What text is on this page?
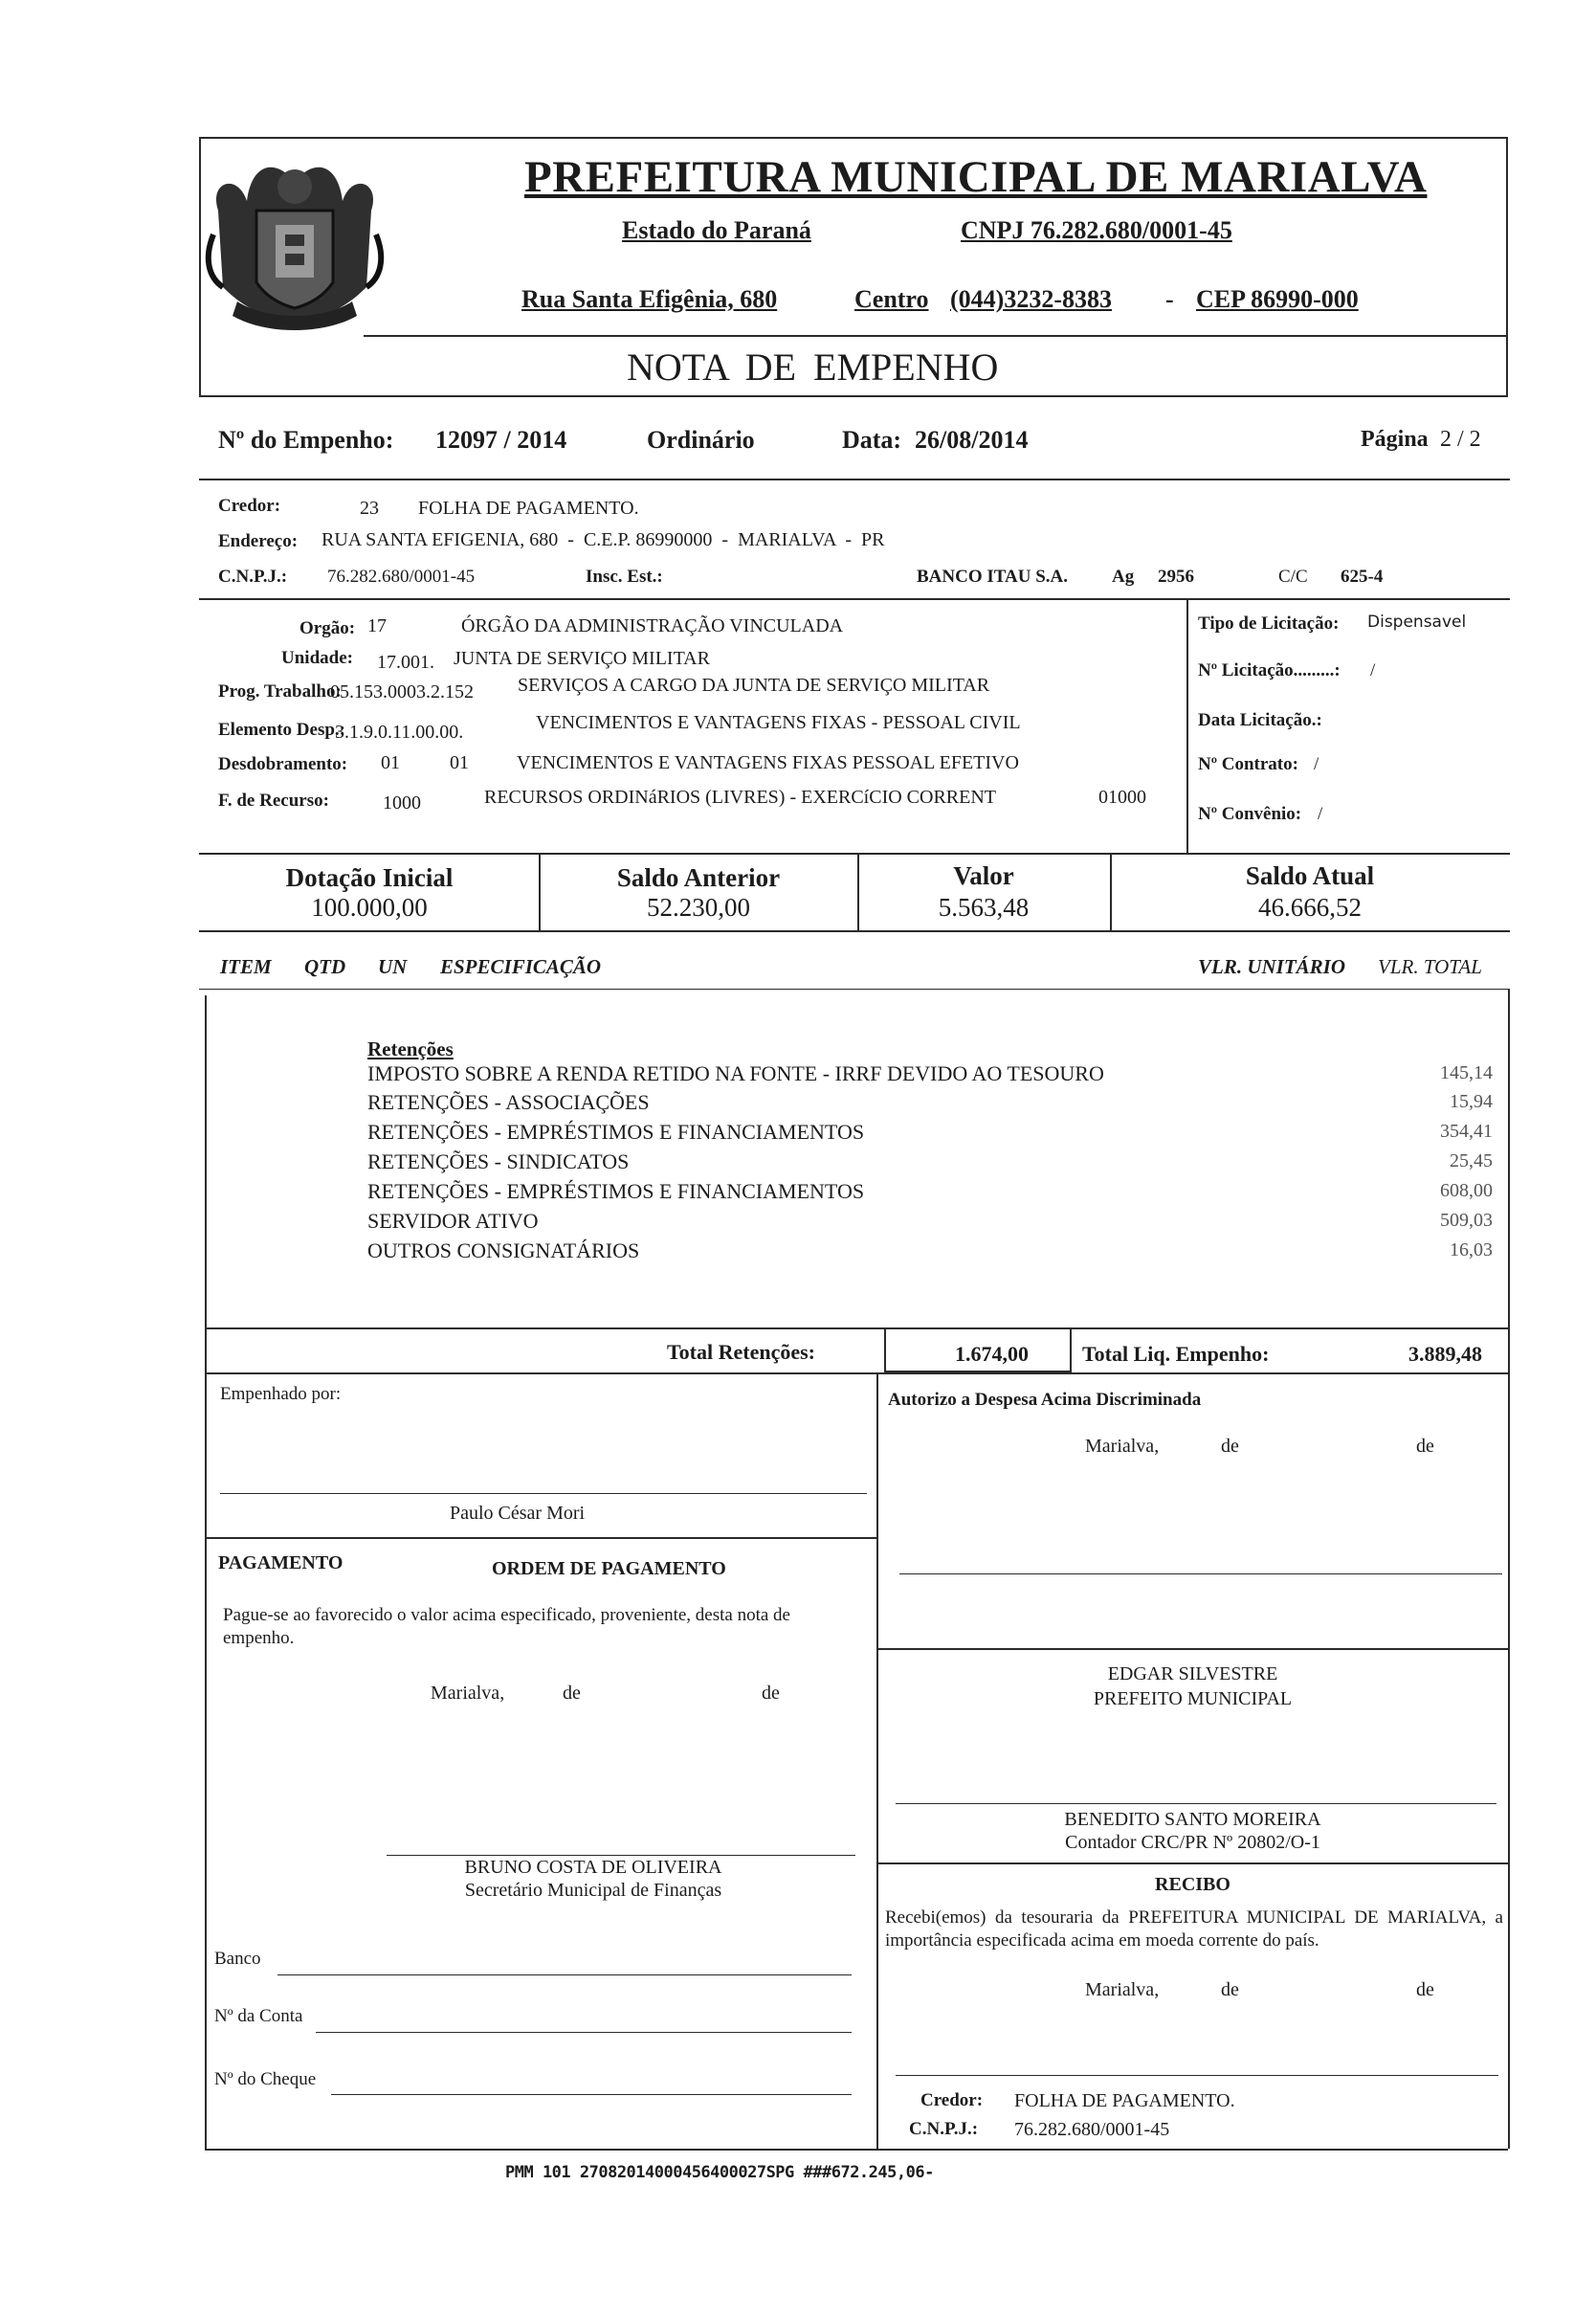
PREFEITURA MUNICIPAL DE MARIALVA
Estado do Paraná	CNPJ 76.282.680/0001-45
Rua Santa Efigênia, 680	Centro (044)3232-8383 - CEP 86990-000
NOTA DE EMPENHO
Nº do Empenho: 12097 / 2014	Ordinário	Data: 26/08/2014	Página 2 / 2
Credor:	23 FOLHA DE PAGAMENTO.
Endereço: RUA SANTA EFIGENIA, 680  -  C.E.P. 86990000  -  MARIALVA  -  PR
C.N.P.J.: 76.282.680/0001-45	Insc. Est.:	BANCO ITAU S.A. Ag 2956	C/C 625-4
Orgão: 17	ÓRGÃO DA ADMINISTRAÇÃO VINCULADA
Unidade: 17.001. JUNTA DE SERVIÇO MILITAR
Prog. Trabalho:
05.153.0003.2.152 SERVIÇOS A CARGO DA JUNTA DE SERVIÇO MILITAR
Elemento Desp.:
3.1.9.0.11.00.00.	VENCIMENTOS E VANTAGENS FIXAS - PESSOAL CIVIL
Desdobramento: 01	01	VENCIMENTOS E VANTAGENS FIXAS PESSOAL EFETIVO
F. de Recurso:	1000	RECURSOS ORDINáRIOS (LIVRES) - EXERCíCIO CORRENT	01000
Tipo de Licitação: Dispensavel
Nº Licitação.........: /
Data Licitação.:
Nº Contrato: /
Nº Convênio: /
Dotação Inicial
100.000,00
Saldo Anterior
52.230,00
Valor
5.563,48
Saldo Atual
46.666,52
ITEM QTD UN ESPECIFICAÇÃO	VLR. UNITÁRIO VLR. TOTAL
Retenções
IMPOSTO SOBRE A RENDA RETIDO NA FONTE - IRRF DEVIDO AO TESOURO	145,14
RETENÇÕES - ASSOCIAÇÕES	15,94
RETENÇÕES - EMPRÉSTIMOS E FINANCIAMENTOS	354,41
RETENÇÕES - SINDICATOS	25,45
RETENÇÕES - EMPRÉSTIMOS E FINANCIAMENTOS	608,00
SERVIDOR ATIVO	509,03
OUTROS CONSIGNATÁRIOS	16,03
Total Retenções:	1.674,00	Total Liq. Empenho:	3.889,48
Empenhado por:
Paulo César Mori
Autorizo a Despesa Acima Discriminada
Marialva,	de	de
PAGAMENTO	ORDEM DE PAGAMENTO
Pague-se ao favorecido o valor acima especificado, proveniente, desta nota de empenho.
Marialva,	de	de
EDGAR SILVESTRE
PREFEITO MUNICIPAL
BENEDITO SANTO MOREIRA
Contador CRC/PR Nº 20802/O-1
RECIBO
Recebi(emos) da tesouraria da PREFEITURA MUNICIPAL DE MARIALVA, a importância especificada acima em moeda corrente do país.
Marialva,	de	de
BRUNO COSTA DE OLIVEIRA
Secretário Municipal de Finanças
Banco
Nº da Conta
Nº do Cheque
Credor: FOLHA DE PAGAMENTO.
C.N.P.J.: 76.282.680/0001-45
PMM 101 27082014000456400027SPG ###672.245,06-
